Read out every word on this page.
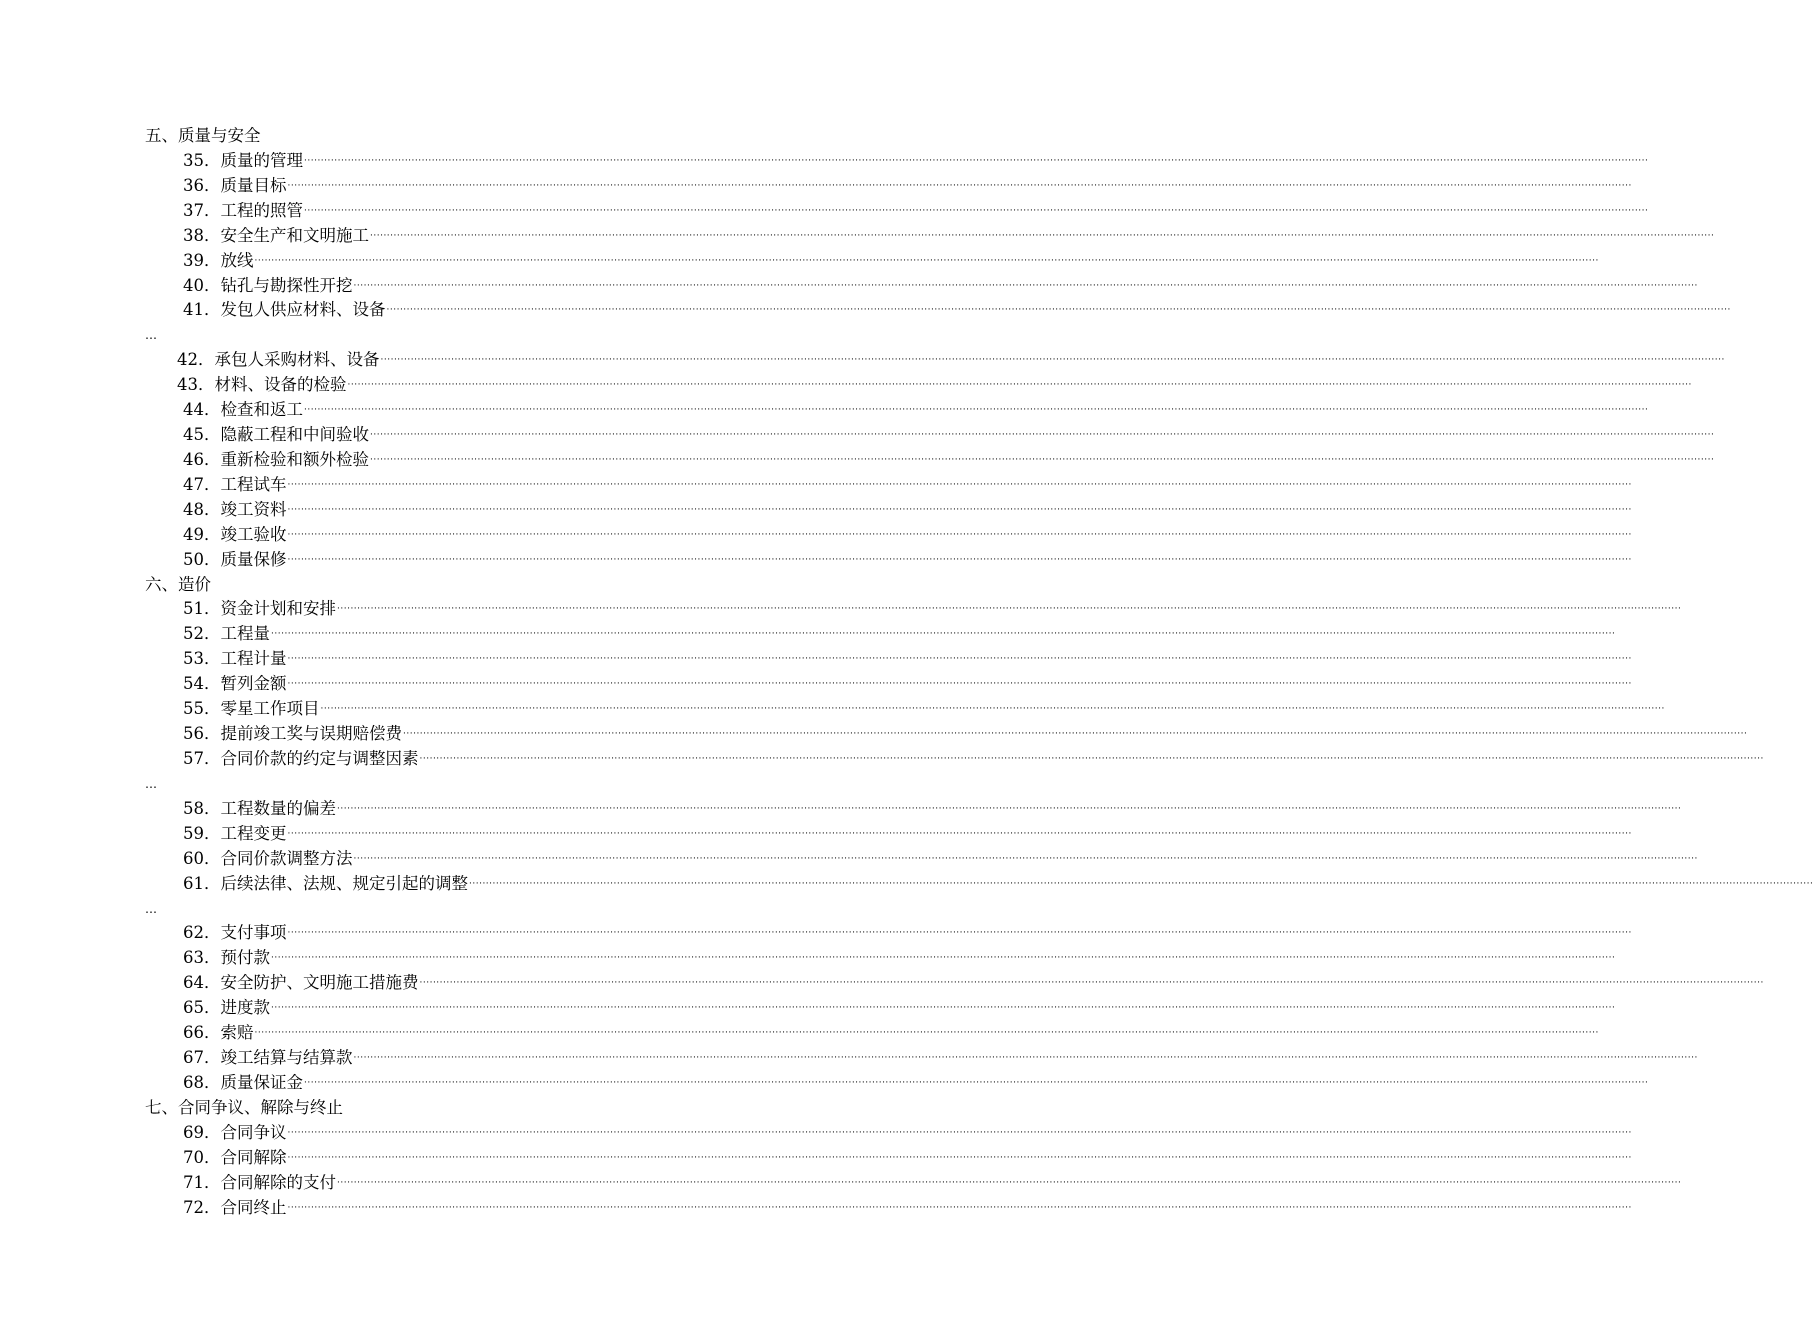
五、质量与安全
35．质量的管理 ················································································································································································································································································································································································································
36．质量目标 ················································································································································································································································································································································································································
37．工程的照管 ················································································································································································································································································································································································································
38．安全生产和文明施工 ················································································································································································································································································································································································································
39．放线 ················································································································································································································································································································································································································
40．钻孔与勘探性开挖 ················································································································································································································································································································································································································
41．发包人供应材料、设备 ················································································································································································································································································································································································································
…
42．承包人采购材料、设备 ················································································································································································································································································································································································································
43．材料、设备的检验 ················································································································································································································································································································································································································
44．检查和返工 ················································································································································································································································································································································································································
45．隐蔽工程和中间验收 ················································································································································································································································································································································································································
46．重新检验和额外检验 ················································································································································································································································································································································································································
47．工程试车 ················································································································································································································································································································································································································
48．竣工资料 ················································································································································································································································································································································································································
49．竣工验收 ················································································································································································································································································································································································································
50．质量保修 ················································································································································································································································································································································································································
六、造价
51．资金计划和安排 ················································································································································································································································································································································································································
52．工程量 ················································································································································································································································································································································································································
53．工程计量 ················································································································································································································································································································································································································
54．暂列金额 ················································································································································································································································································································································································································
55．零星工作项目 ················································································································································································································································································································································································································
56．提前竣工奖与误期赔偿费 ················································································································································································································································································································································································································
57．合同价款的约定与调整因素 ················································································································································································································································································································································································································
…
58．工程数量的偏差 ················································································································································································································································································································································································································
59．工程变更 ················································································································································································································································································································································································································
60．合同价款调整方法 ················································································································································································································································································································································································································
61．后续法律、法规、规定引起的调整 ················································································································································································································································································································································································································
…
62．支付事项 ················································································································································································································································································································································································································
63．预付款 ················································································································································································································································································································································································································
64．安全防护、文明施工措施费 ················································································································································································································································································································································································································
65．进度款 ················································································································································································································································································································································································································
66．索赔 ················································································································································································································································································································································································································
67．竣工结算与结算款 ················································································································································································································································································································································································································
68．质量保证金 ················································································································································································································································································································································································································
七、合同争议、解除与终止
69．合同争议 ················································································································································································································································································································································································································
70．合同解除 ················································································································································································································································································································································································································
71．合同解除的支付 ················································································································································································································································································································································································································
72．合同终止 ················································································································································································································································································································································································································
